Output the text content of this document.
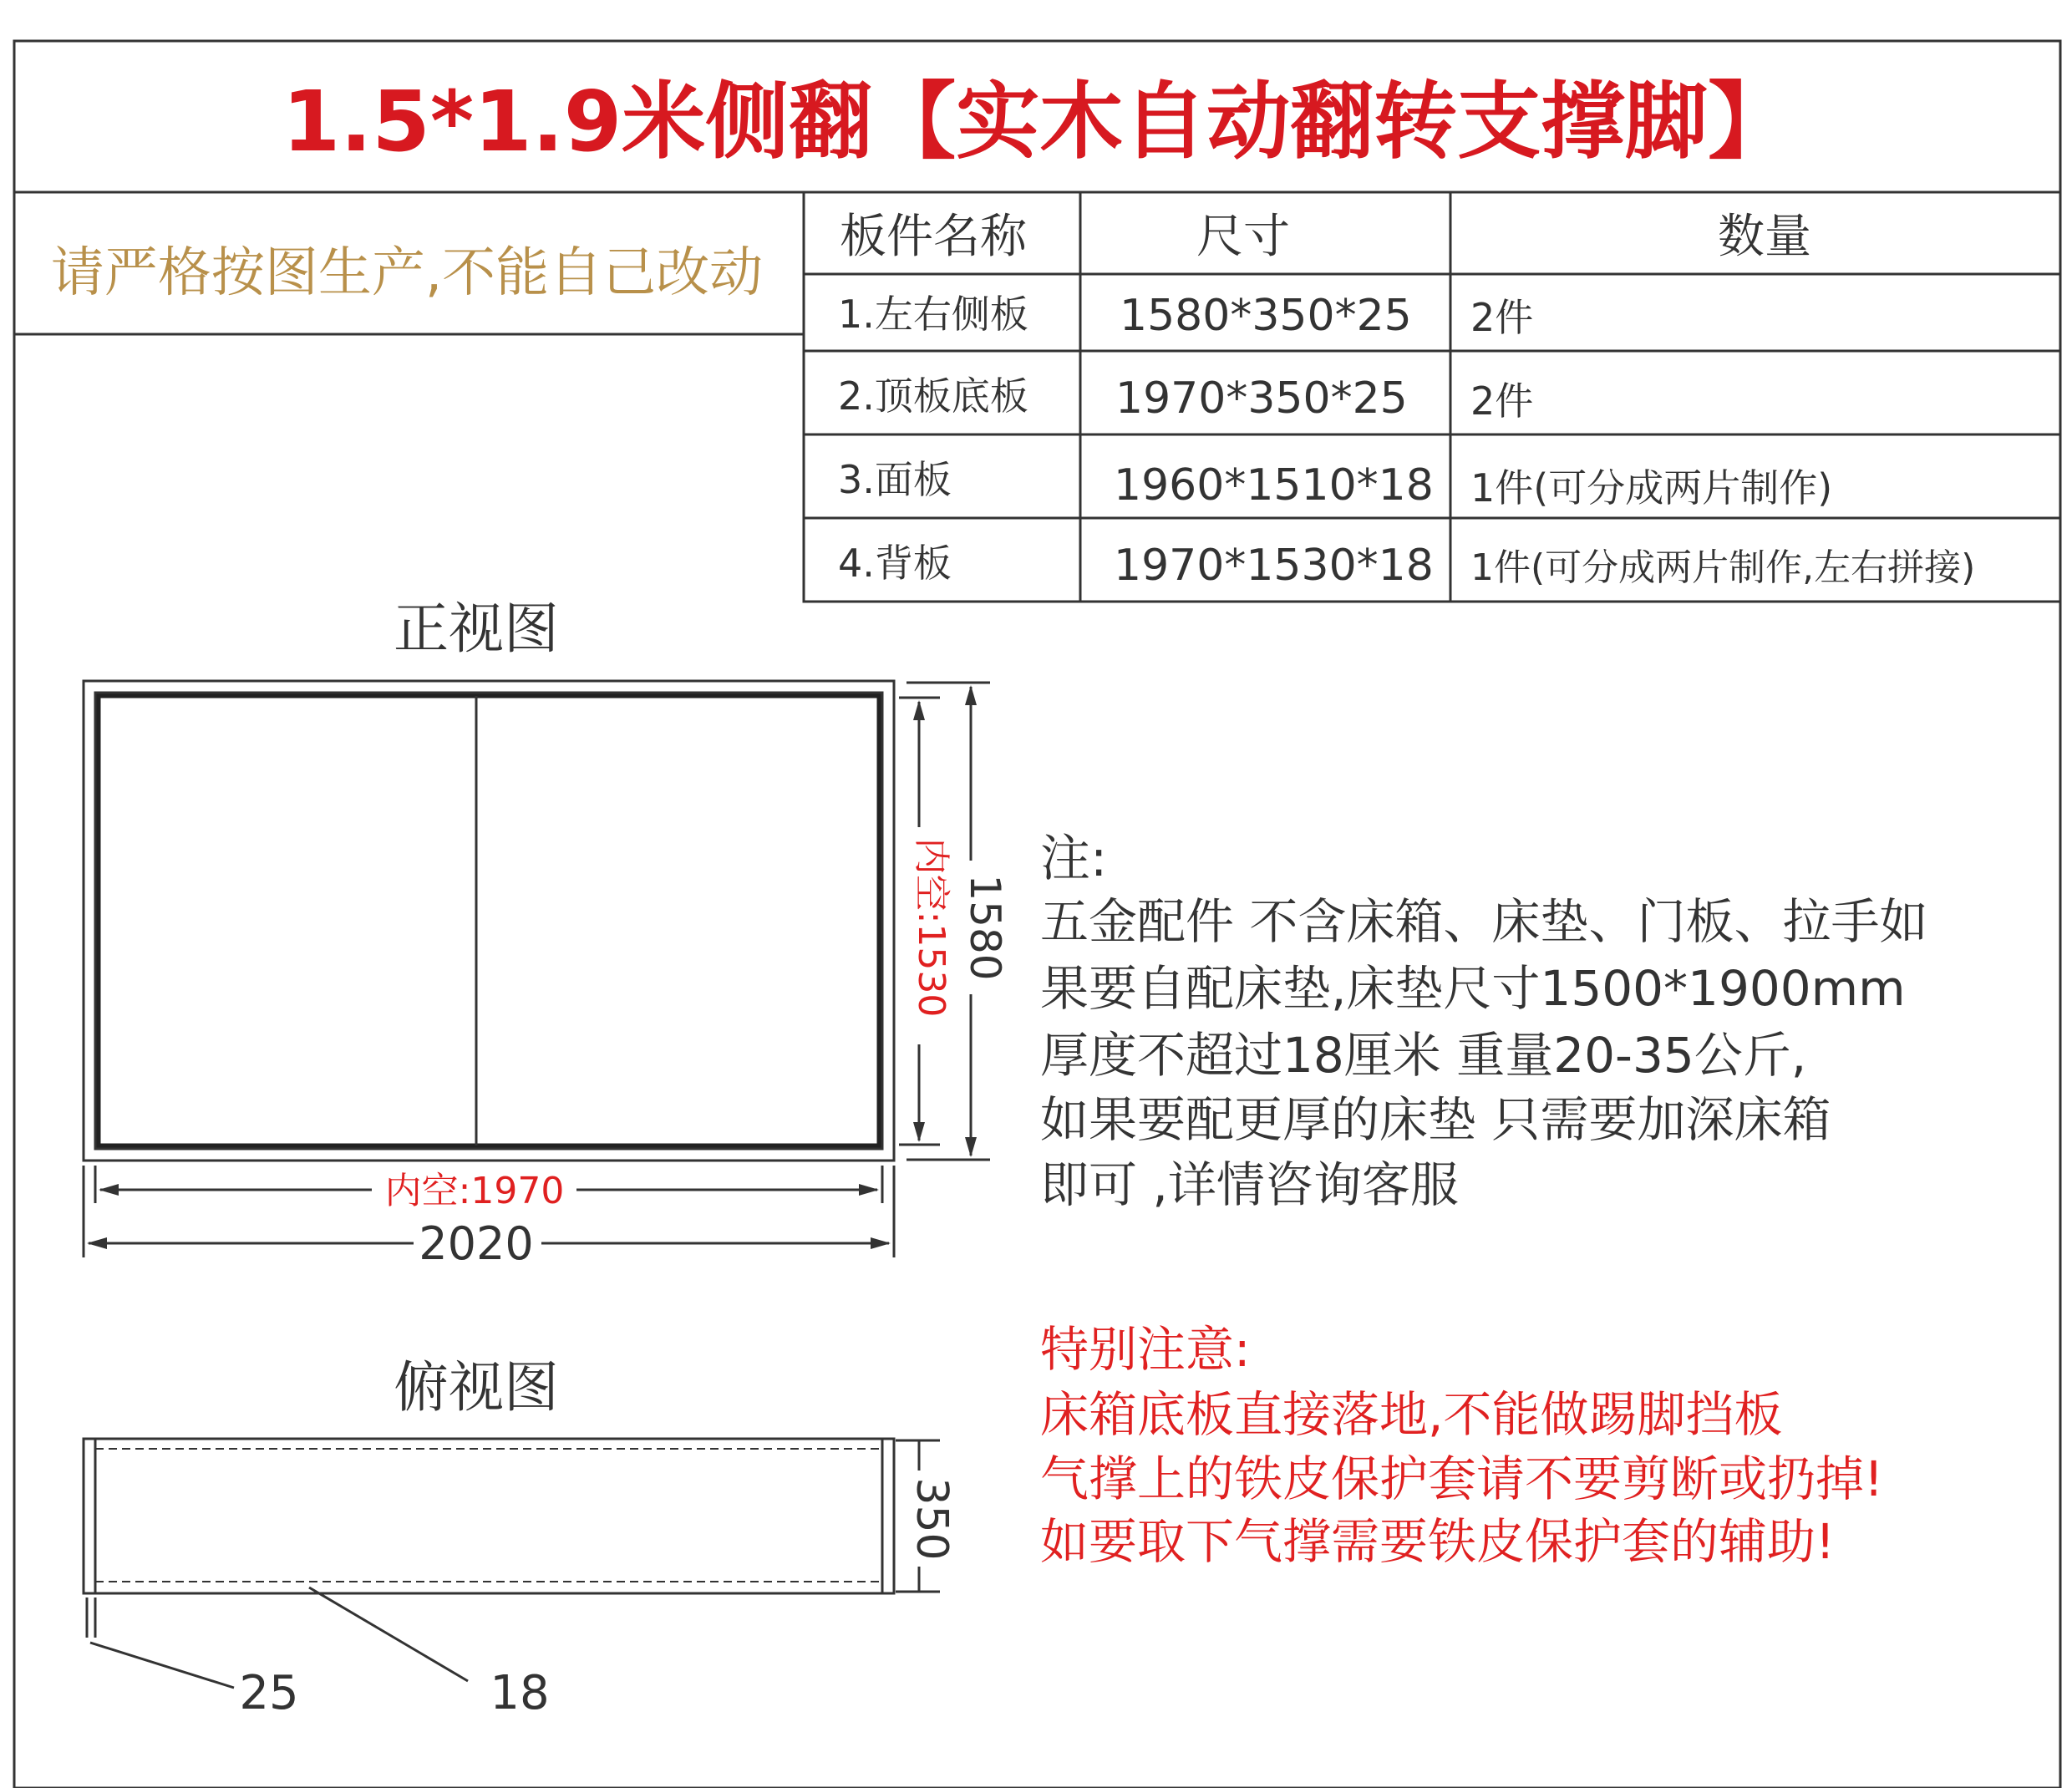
1.5*1.9米侧翻【实木自动翻转支撑脚】
请严格按图生产,不能自己改动
板件名称	尺寸	数量
1.左右侧板 1580*350*25 2件
2.顶板底板 1970*350*25 2件
3.面板	1960*1510*18 1件(可分成两片制作)
4.背板	1970*1530*18 1件(可分成两片制作,左右拼接)
正视图
内空:1530 1580
内空:1970
2020
俯视图
350
25	18
注:
五金配件 不含床箱、床垫、门板、拉手如
果要自配床垫,床垫尺寸1500*1900mm
厚度不超过18厘米 重量20-35公斤,
如果要配更厚的床垫 只需要加深床箱
即可 ,详情咨询客服
特别注意:
床箱底板直接落地,不能做踢脚挡板
气撑上的铁皮保护套请不要剪断或扔掉!
如要取下气撑需要铁皮保护套的辅助!
